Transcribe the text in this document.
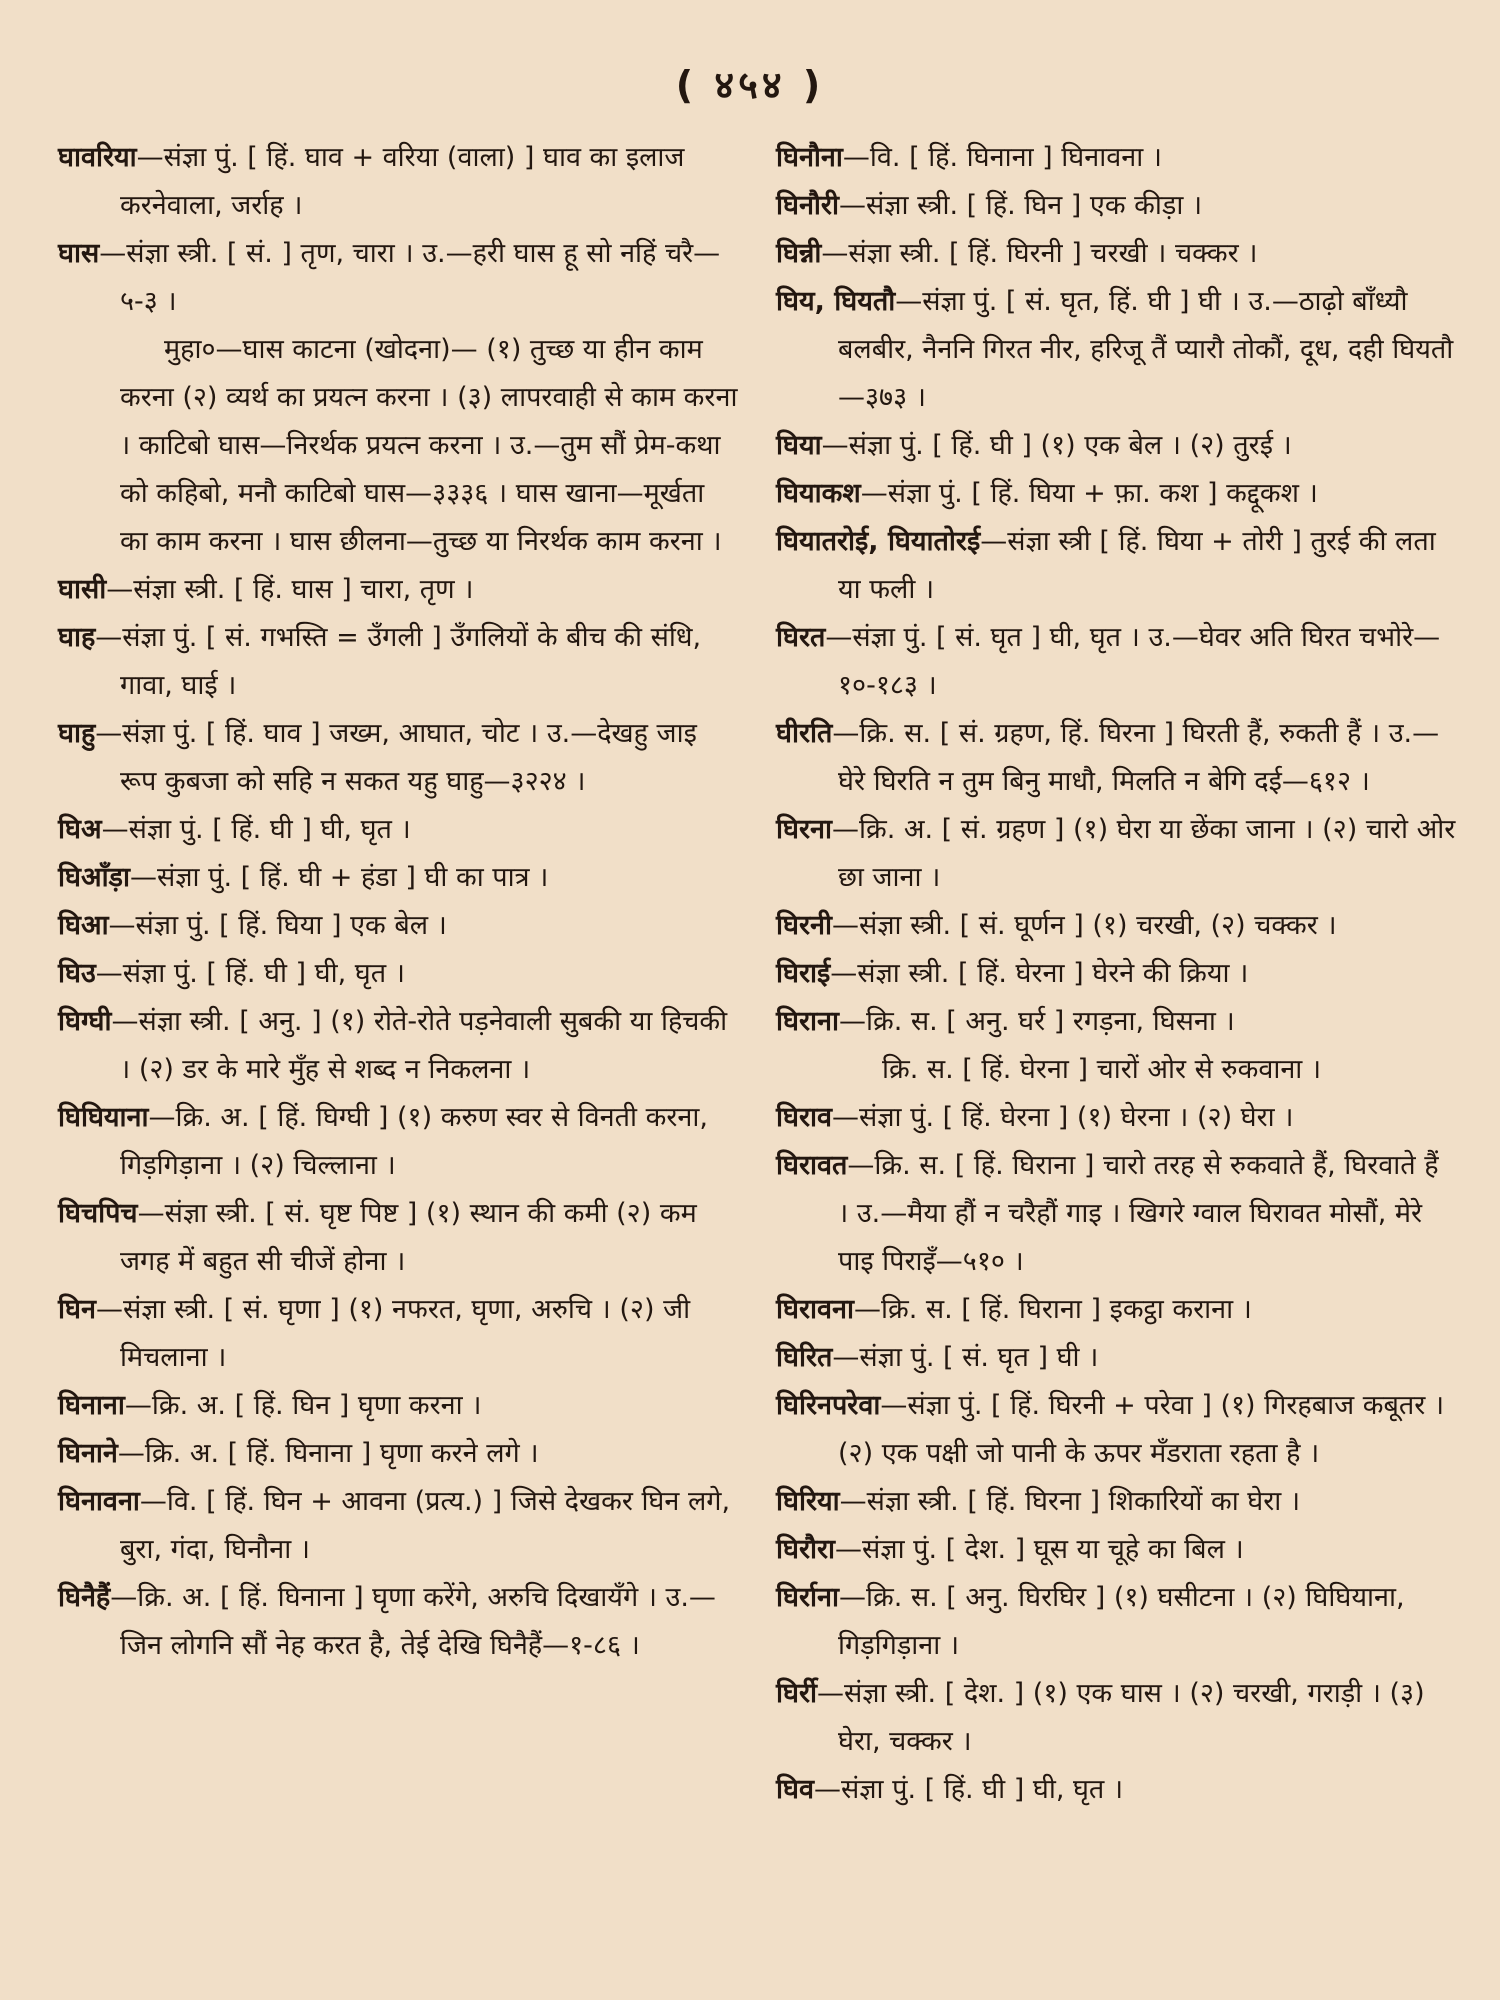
( ४५४ )

घावरिया—संज्ञा पुं. [ हिं. घाव + वरिया (वाला) ] घाव का इलाज करनेवाला, जर्राह ।

घास—संज्ञा स्त्री. [ सं. ] तृण, चारा । उ.—हरी घास हू सो नहिं चरै—५-३ ।

मुहा०—घास काटना (खोदना)— (१) तुच्छ या हीन काम करना (२) व्यर्थ का प्रयत्न करना । (३) लापरवाही से काम करना । काटिबो घास—निरर्थक प्रयत्न करना । उ.—तुम सौं प्रेम-कथा को कहिबो, मनौ काटिबो घास—३३३६ । घास खाना—मूर्खता का काम करना । घास छीलना—तुच्छ या निरर्थक काम करना ।

घासी—संज्ञा स्त्री. [ हिं. घास ] चारा, तृण ।

घाह—संज्ञा पुं. [ सं. गभस्ति = उँगली ] उँगलियों के बीच की संधि, गावा, घाई ।

घाहु—संज्ञा पुं. [ हिं. घाव ] जख्म, आघात, चोट । उ.—देखहु जाइ रूप कुबजा को सहि न सकत यहु घाहु—३२२४ ।

घिअ—संज्ञा पुं. [ हिं. घी ] घी, घृत ।

घिआँड़ा—संज्ञा पुं. [ हिं. घी + हंडा ] घी का पात्र ।

घिआ—संज्ञा पुं. [ हिं. घिया ] एक बेल ।

घिउ—संज्ञा पुं. [ हिं. घी ] घी, घृत ।

घिग्घी—संज्ञा स्त्री. [ अनु. ] (१) रोते-रोते पड़नेवाली सुबकी या हिचकी । (२) डर के मारे मुँह से शब्द न निकलना ।

घिघियाना—क्रि. अ. [ हिं. घिग्घी ] (१) करुण स्वर से विनती करना, गिड़गिड़ाना । (२) चिल्लाना ।

घिचपिच—संज्ञा स्त्री. [ सं. घृष्ट पिष्ट ] (१) स्थान की कमी (२) कम जगह में बहुत सी चीजें होना ।

घिन—संज्ञा स्त्री. [ सं. घृणा ] (१) नफरत, घृणा, अरुचि । (२) जी मिचलाना ।

घिनाना—क्रि. अ. [ हिं. घिन ] घृणा करना ।

घिनाने—क्रि. अ. [ हिं. घिनाना ] घृणा करने लगे ।

घिनावना—वि. [ हिं. घिन + आवना (प्रत्य.) ] जिसे देखकर घिन लगे, बुरा, गंदा, घिनौना ।

घिनैहैं—क्रि. अ. [ हिं. घिनाना ] घृणा करेंगे, अरुचि दिखायँगे । उ.—जिन लोगनि सौं नेह करत है, तेई देखि घिनैहैं—१-८६ ।

घिनौना—वि. [ हिं. घिनाना ] घिनावना ।

घिनौरी—संज्ञा स्त्री. [ हिं. घिन ] एक कीड़ा ।

घिन्नी—संज्ञा स्त्री. [ हिं. घिरनी ] चरखी । चक्कर ।

घिय, घियतौ—संज्ञा पुं. [ सं. घृत, हिं. घी ] घी । उ.—ठाढ़ो बाँध्यौ बलबीर, नैननि गिरत नीर, हरिजू तैं प्यारौ तोकौं, दूध, दही घियतौ—३७३ ।

घिया—संज्ञा पुं. [ हिं. घी ] (१) एक बेल । (२) तुरई ।

घियाकश—संज्ञा पुं. [ हिं. घिया + फ़ा. कश ] कद्दूकश ।

घियातरोई, घियातोरई—संज्ञा स्त्री [ हिं. घिया + तोरी ] तुरई की लता या फली ।

घिरत—संज्ञा पुं. [ सं. घृत ] घी, घृत । उ.—घेवर अति घिरत चभोरे—१०-१८३ ।

घीरति—क्रि. स. [ सं. ग्रहण, हिं. घिरना ] घिरती हैं, रुकती हैं । उ.—घेरे घिरति न तुम बिनु माधौ, मिलति न बेगि दई—६१२ ।

घिरना—क्रि. अ. [ सं. ग्रहण ] (१) घेरा या छेंका जाना । (२) चारो ओर छा जाना ।

घिरनी—संज्ञा स्त्री. [ सं. घूर्णन ] (१) चरखी, (२) चक्कर ।

घिराई—संज्ञा स्त्री. [ हिं. घेरना ] घेरने की क्रिया ।

घिराना—क्रि. स. [ अनु. घर्र ] रगड़ना, घिसना ।

क्रि. स. [ हिं. घेरना ] चारों ओर से रुकवाना ।

घिराव—संज्ञा पुं. [ हिं. घेरना ] (१) घेरना । (२) घेरा ।

घिरावत—क्रि. स. [ हिं. घिराना ] चारो तरह से रुकवाते हैं, घिरवाते हैं । उ.—मैया हौं न चरैहौं गाइ । खिगरे ग्वाल घिरावत मोसौं, मेरे पाइ पिराइँ—५१० ।

घिरावना—क्रि. स. [ हिं. घिराना ] इकट्ठा कराना ।

घिरित—संज्ञा पुं. [ सं. घृत ] घी ।

घिरिनपरेवा—संज्ञा पुं. [ हिं. घिरनी + परेवा ] (१) गिरहबाज कबूतर । (२) एक पक्षी जो पानी के ऊपर मँडराता रहता है ।

घिरिया—संज्ञा स्त्री. [ हिं. घिरना ] शिकारियों का घेरा ।

घिरौरा—संज्ञा पुं. [ देश. ] घूस या चूहे का बिल ।

घिर्राना—क्रि. स. [ अनु. घिरघिर ] (१) घसीटना । (२) घिघियाना, गिड़गिड़ाना ।

घिर्री—संज्ञा स्त्री. [ देश. ] (१) एक घास । (२) चरखी, गराड़ी । (३) घेरा, चक्कर ।

घिव—संज्ञा पुं. [ हिं. घी ] घी, घृत ।
